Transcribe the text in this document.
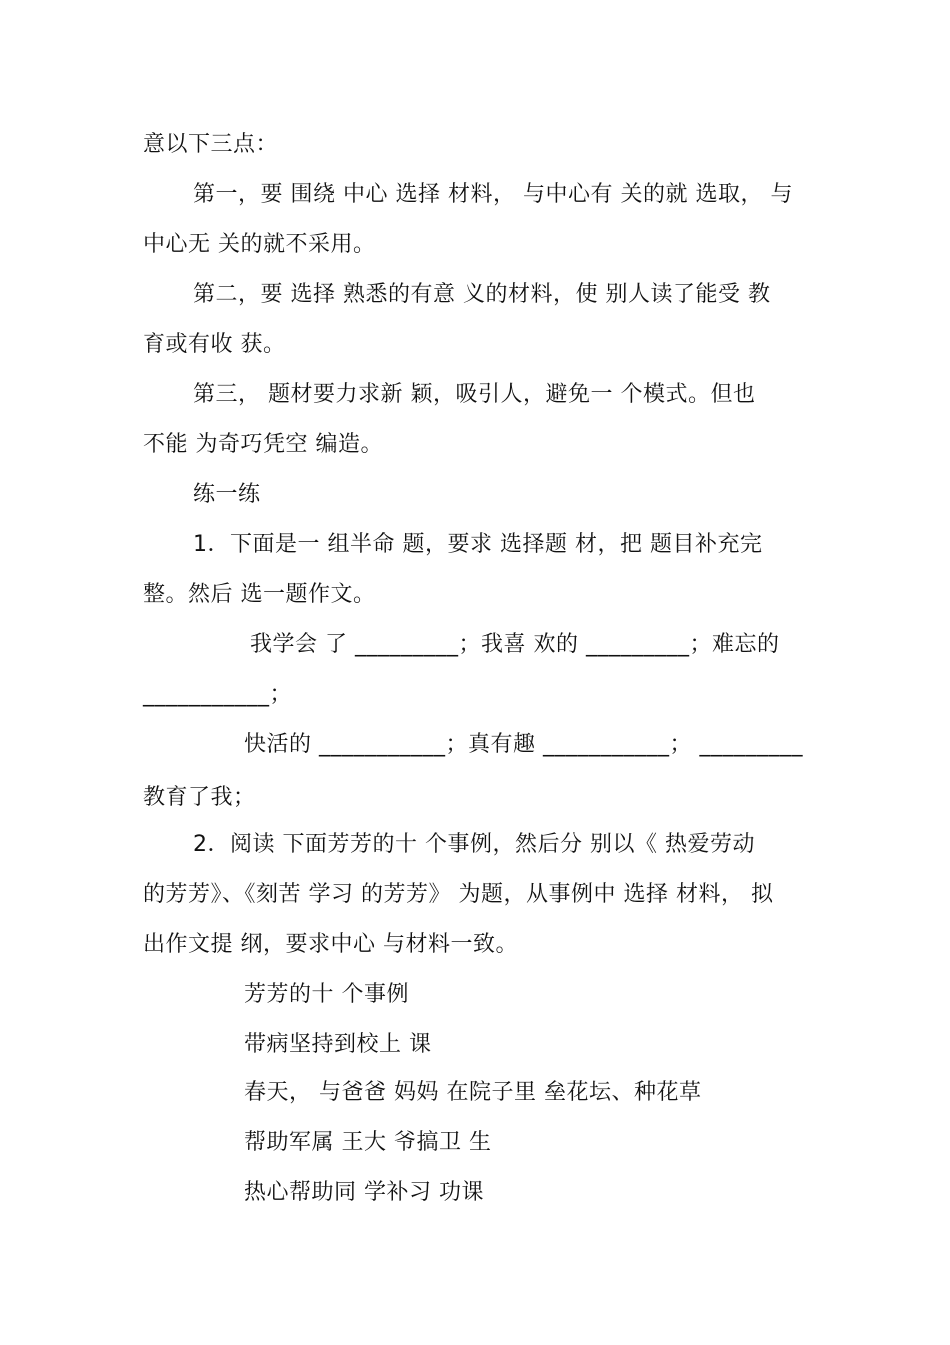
意以下三点：
第一，要 围绕 中心 选择 材料， 与中心有 关的就 选取， 与
中心无 关的就不采用。
第二，要 选择 熟悉的有意 义的材料，使 别人读了能受 教
育或有收 获。
第三， 题材要力求新 颖，吸引人，避免一 个模式。但也
不能 为奇巧凭空 编造。
练一练
1．下面是一 组半命 题，要求 选择题 材，把 题目补充完
整。然后 选一题作文。
我学会 了 _________；我喜 欢的 _________；难忘的
___________；
快活的 ___________；真有趣 ___________； _________
教育了我；
2．阅读 下面芳芳的十 个事例，然后分 别以《 热爱劳动
的芳芳》、《刻苦 学习 的芳芳》 为题，从事例中 选择 材料， 拟
出作文提 纲，要求中心 与材料一致。
芳芳的十 个事例
带病坚持到校上 课
春天， 与爸爸 妈妈 在院子里 垒花坛、种花草
帮助军属 王大 爷搞卫 生
热心帮助同 学补习 功课
